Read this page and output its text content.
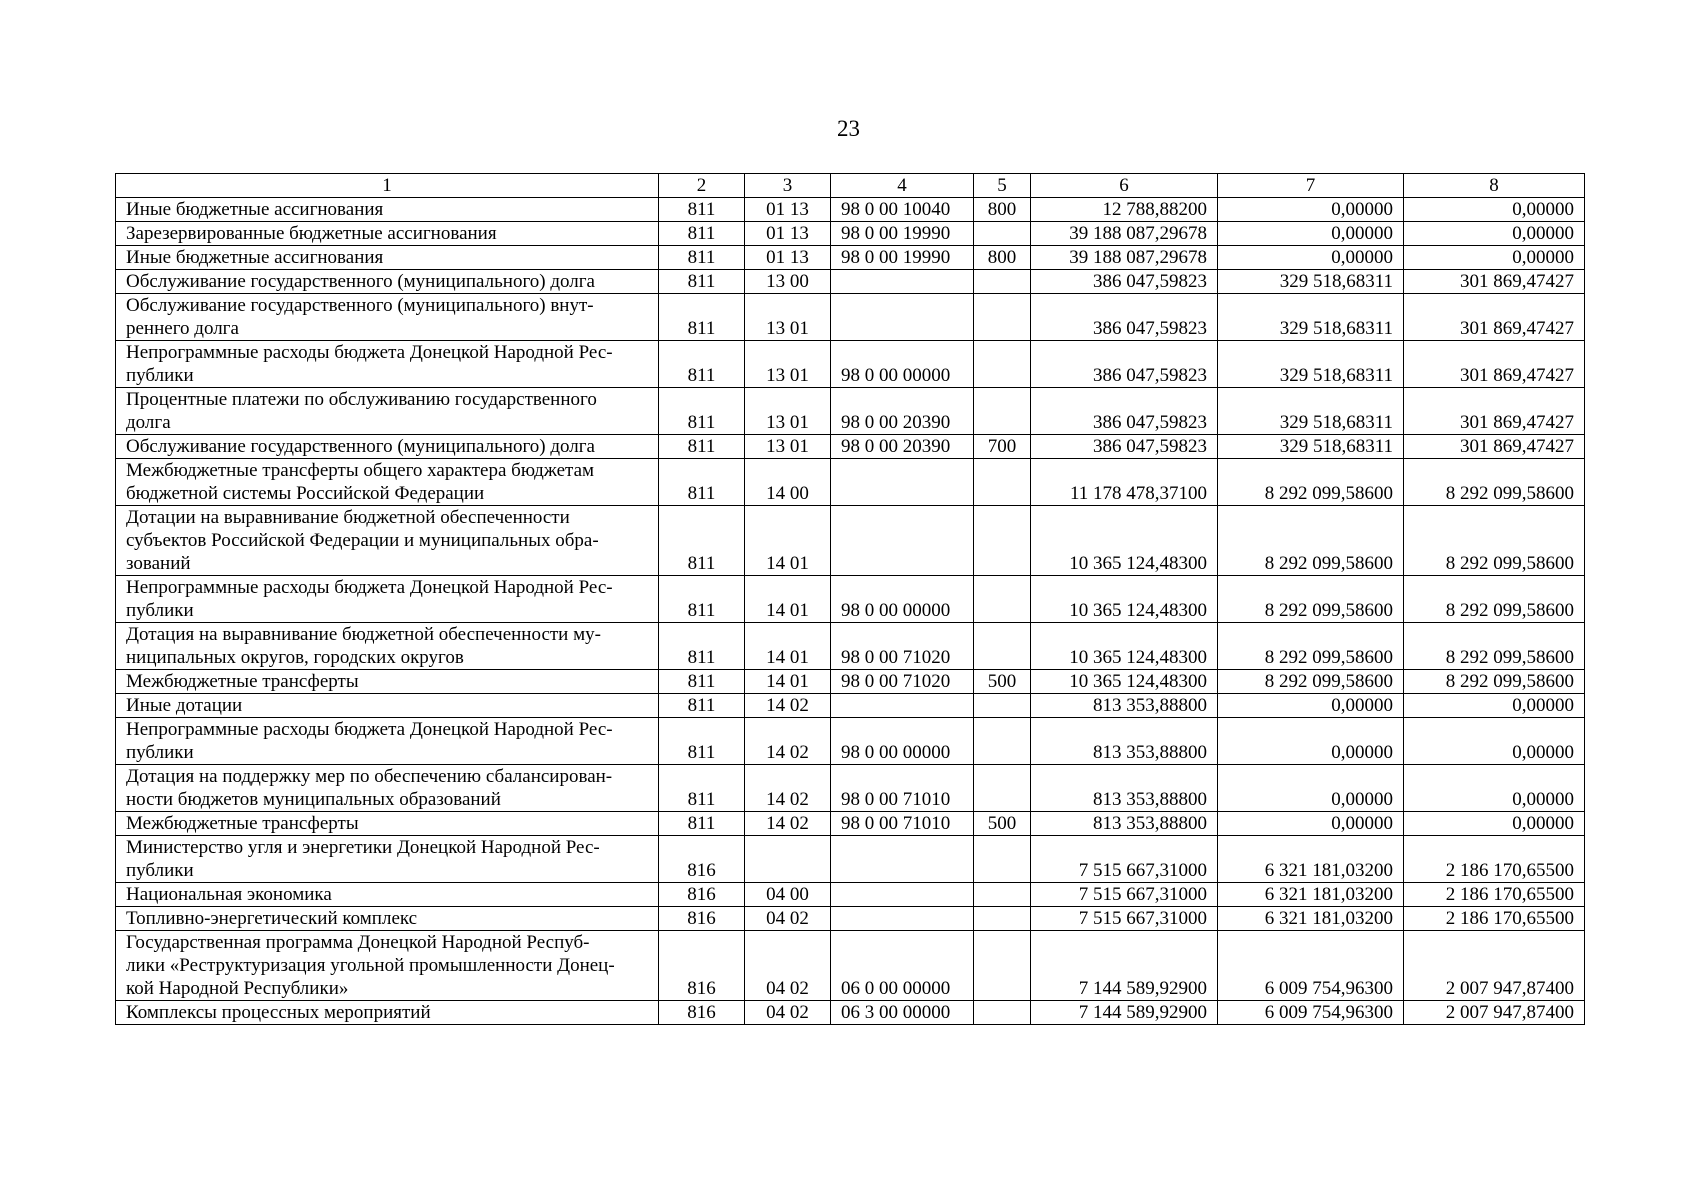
23
1	2	3	4	5	6	7	8
Иные бюджетные ассигнования	811	01 13	98 0 00 10040	800	12 788,88200	0,00000	0,00000
Зарезервированные бюджетные ассигнования	811	01 13	98 0 00 19990		39 188 087,29678	0,00000	0,00000
Иные бюджетные ассигнования	811	01 13	98 0 00 19990	800	39 188 087,29678	0,00000	0,00000
Обслуживание государственного (муниципального) долга	811	13 00			386 047,59823	329 518,68311	301 869,47427
Обслуживание государственного (муниципального) внут-
реннего долга	811	13 01			386 047,59823	329 518,68311	301 869,47427
Непрограммные расходы бюджета Донецкой Народной Рес-
публики	811	13 01	98 0 00 00000		386 047,59823	329 518,68311	301 869,47427
Процентные платежи по обслуживанию государственного
долга	811	13 01	98 0 00 20390		386 047,59823	329 518,68311	301 869,47427
Обслуживание государственного (муниципального) долга	811	13 01	98 0 00 20390	700	386 047,59823	329 518,68311	301 869,47427
Межбюджетные трансферты общего характера бюджетам
бюджетной системы Российской Федерации	811	14 00			11 178 478,37100	8 292 099,58600	8 292 099,58600
Дотации на выравнивание бюджетной обеспеченности
субъектов Российской Федерации и муниципальных обра-
зований	811	14 01			10 365 124,48300	8 292 099,58600	8 292 099,58600
Непрограммные расходы бюджета Донецкой Народной Рес-
публики	811	14 01	98 0 00 00000		10 365 124,48300	8 292 099,58600	8 292 099,58600
Дотация на выравнивание бюджетной обеспеченности му-
ниципальных округов, городских округов	811	14 01	98 0 00 71020		10 365 124,48300	8 292 099,58600	8 292 099,58600
Межбюджетные трансферты	811	14 01	98 0 00 71020	500	10 365 124,48300	8 292 099,58600	8 292 099,58600
Иные дотации	811	14 02			813 353,88800	0,00000	0,00000
Непрограммные расходы бюджета Донецкой Народной Рес-
публики	811	14 02	98 0 00 00000		813 353,88800	0,00000	0,00000
Дотация на поддержку мер по обеспечению сбалансирован-
ности бюджетов муниципальных образований	811	14 02	98 0 00 71010		813 353,88800	0,00000	0,00000
Межбюджетные трансферты	811	14 02	98 0 00 71010	500	813 353,88800	0,00000	0,00000
Министерство угля и энергетики Донецкой Народной Рес-
публики	816				7 515 667,31000	6 321 181,03200	2 186 170,65500
Национальная экономика	816	04 00			7 515 667,31000	6 321 181,03200	2 186 170,65500
Топливно-энергетический комплекс	816	04 02			7 515 667,31000	6 321 181,03200	2 186 170,65500
Государственная программа Донецкой Народной Респуб-
лики «Реструктуризация угольной промышленности Донец-
кой Народной Республики»	816	04 02	06 0 00 00000		7 144 589,92900	6 009 754,96300	2 007 947,87400
Комплексы процессных мероприятий	816	04 02	06 3 00 00000		7 144 589,92900	6 009 754,96300	2 007 947,87400
